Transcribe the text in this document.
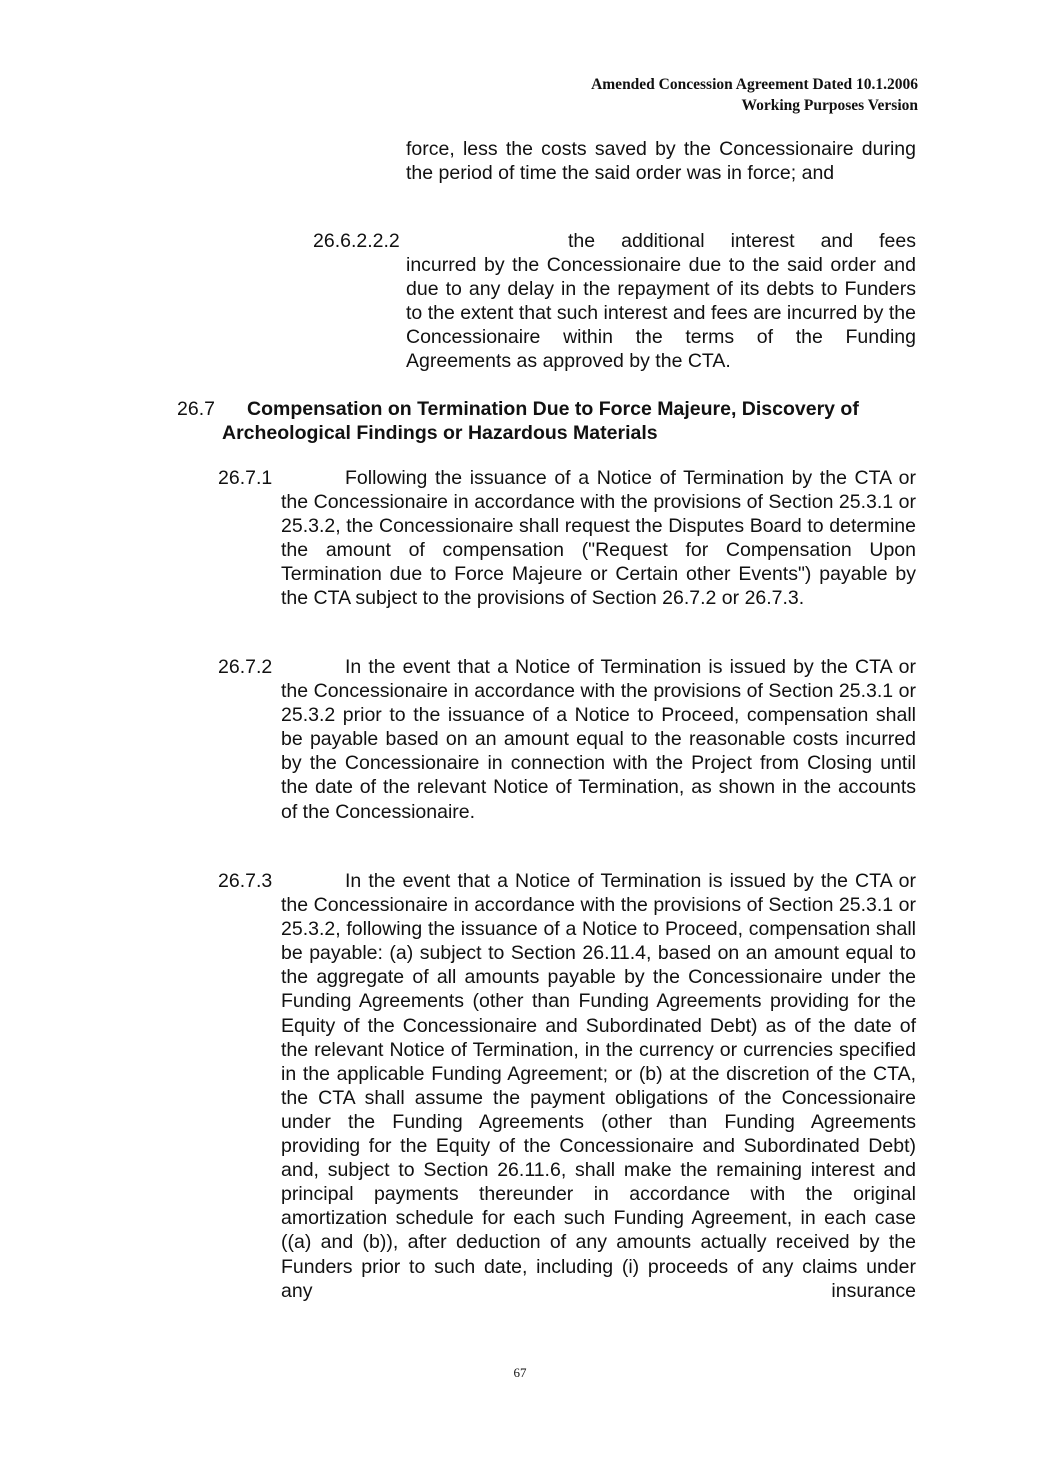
Amended Concession Agreement Dated 10.1.2006
Working Purposes Version
force, less the costs saved by the Concessionaire during the period of time the said order was in force; and
26.6.2.2.2	the additional interest and fees
incurred by the Concessionaire due to the said order and due to any delay in the repayment of its debts to Funders to the extent that such interest and fees are incurred by the Concessionaire within the terms of the Funding Agreements as approved by the CTA.
26.7 Compensation on Termination Due to Force Majeure, Discovery of
Archeological Findings or Hazardous Materials
26.7.1	Following the issuance of a Notice of Termination by the CTA or the Concessionaire in accordance with the provisions of Section 25.3.1 or 25.3.2, the Concessionaire shall request the Disputes Board to determine the amount of compensation ("Request for Compensation Upon Termination due to Force Majeure or Certain other Events") payable by the CTA subject to the provisions of Section 26.7.2 or 26.7.3.
26.7.2	In the event that a Notice of Termination is issued by the CTA or the Concessionaire in accordance with the provisions of Section 25.3.1 or 25.3.2 prior to the issuance of a Notice to Proceed, compensation shall be payable based on an amount equal to the reasonable costs incurred by the Concessionaire in connection with the Project from Closing until the date of the relevant Notice of Termination, as shown in the accounts of the Concessionaire.
26.7.3	In the event that a Notice of Termination is issued by the CTA or the Concessionaire in accordance with the provisions of Section 25.3.1 or 25.3.2, following the issuance of a Notice to Proceed, compensation shall be payable: (a) subject to Section 26.11.4, based on an amount equal to the aggregate of all amounts payable by the Concessionaire under the Funding Agreements (other than Funding Agreements providing for the Equity of the Concessionaire and Subordinated Debt) as of the date of the relevant Notice of Termination, in the currency or currencies specified in the applicable Funding Agreement; or (b) at the discretion of the CTA, the CTA shall assume the payment obligations of the Concessionaire under the Funding Agreements (other than Funding Agreements providing for the Equity of the Concessionaire and Subordinated Debt) and, subject to Section 26.11.6, shall make the remaining interest and principal payments thereunder in accordance with the original amortization schedule for each such Funding Agreement, in each case ((a) and (b)), after deduction of any amounts actually received by the Funders prior to such date, including (i) proceeds of any claims under any insurance
67
